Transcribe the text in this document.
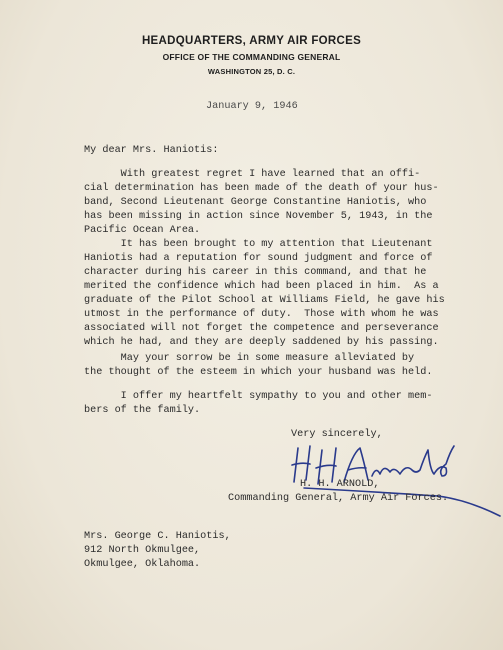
HEADQUARTERS, ARMY AIR FORCES
OFFICE OF THE COMMANDING GENERAL
WASHINGTON 25, D. C.
January 9, 1946
My dear Mrs. Haniotis:
With greatest regret I have learned that an offi-
cial determination has been made of the death of your hus-
band, Second Lieutenant George Constantine Haniotis, who
has been missing in action since November 5, 1943, in the
Pacific Ocean Area.
It has been brought to my attention that Lieutenant
Haniotis had a reputation for sound judgment and force of
character during his career in this command, and that he
merited the confidence which had been placed in him.  As a
graduate of the Pilot School at Williams Field, he gave his
utmost in the performance of duty.  Those with whom he was
associated will not forget the competence and perseverance
which he had, and they are deeply saddened by his passing.
May your sorrow be in some measure alleviated by
the thought of the esteem in which your husband was held.
I offer my heartfelt sympathy to you and other mem-
bers of the family.
Very sincerely,
H. H. ARNOLD,
Commanding General, Army Air Forces.
Mrs. George C. Haniotis,
912 North Okmulgee,
Okmulgee, Oklahoma.
